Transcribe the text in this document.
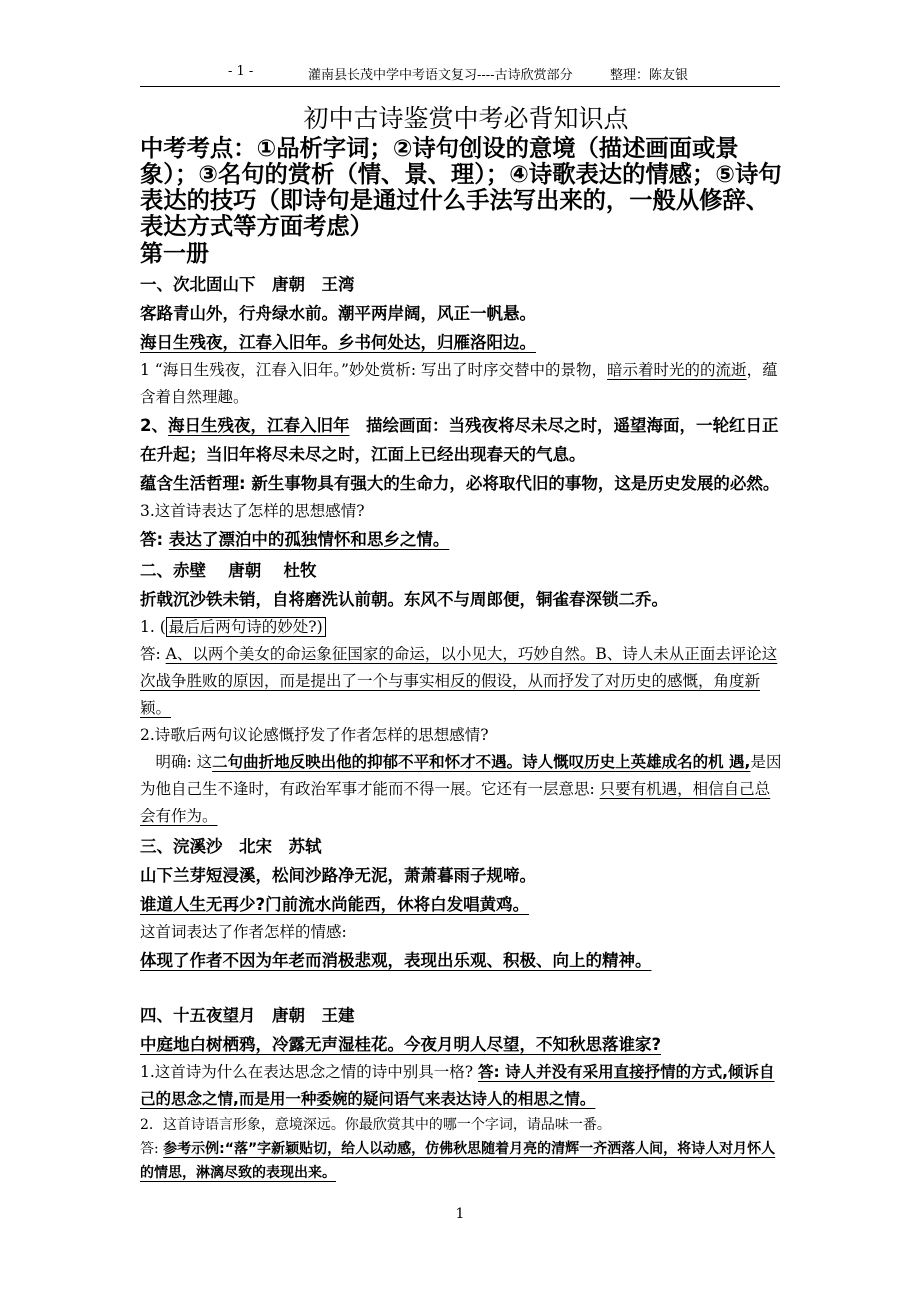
- 1 -	灌南县长茂中学中考语文复习----古诗欣赏部分	整理：陈友银
初中古诗鉴赏中考必背知识点
中考考点：①品析字词；②诗句创设的意境（描述画面或景象）；③名句的赏析（情、景、理）；④诗歌表达的情感；⑤诗句表达的技巧（即诗句是通过什么手法写出来的，一般从修辞、表达方式等方面考虑）
第一册
一、次北固山下　唐朝　王湾
客路青山外，行舟绿水前。潮平两岸阔，风正一帆悬。
海日生残夜，江春入旧年。乡书何处达，归雁洛阳边。
1 “海日生残夜，江春入旧年。”妙处赏析: 写出了时序交替中的景物，暗示着时光的的流逝，蕴含着自然理趣。
2、海日生残夜，江春入旧年　描绘画面：当残夜将尽未尽之时，遥望海面，一轮红日正在升起；当旧年将尽未尽之时，江面上已经出现春天的气息。
蕴含生活哲理: 新生事物具有强大的生命力，必将取代旧的事物，这是历史发展的必然。
3.这首诗表达了怎样的思想感情?
答: 表达了漂泊中的孤独情怀和思乡之情。
二、赤壁　 唐朝 　杜牧
折戟沉沙铁未销，自将磨洗认前朝。东风不与周郎便，铜雀春深锁二乔。
1. ( 最后后两句诗的妙处?)
答: A、以两个美女的命运象征国家的命运，以小见大，巧妙自然。B、诗人未从正面去评论这次战争胜败的原因，而是提出了一个与事实相反的假设，从而抒发了对历史的感慨，角度新颖。
2.诗歌后两句议论感慨抒发了作者怎样的思想感情?
　明确: 这二句曲折地反映出他的抑郁不平和怀才不遇。诗人慨叹历史上英雄成名的机 遇,是因为他自己生不逢时，有政治军事才能而不得一展。它还有一层意思: 只要有机遇，相信自己总会有作为。
三、浣溪沙　北宋　苏轼
山下兰芽短浸溪，松间沙路净无泥，萧萧暮雨子规啼。
谁道人生无再少?门前流水尚能西，休将白发唱黄鸡。
这首词表达了作者怎样的情感:
体现了作者不因为年老而消极悲观，表现出乐观、积极、向上的精神。
四、十五夜望月　唐朝　王建
中庭地白树栖鸦，冷露无声湿桂花。今夜月明人尽望，不知秋思落谁家?
1.这首诗为什么在表达思念之情的诗中别具一格? 答: 诗人并没有采用直接抒情的方式,倾诉自己的思念之情,而是用一种委婉的疑问语气来表达诗人的相思之情。
2．这首诗语言形象，意境深远。你最欣赏其中的哪一个字词，请品味一番。
答: 参考示例:“落”字新颖贴切，给人以动感，仿佛秋思随着月亮的清辉一齐洒落人间，将诗人对月怀人的情思，淋漓尽致的表现出来。
1
